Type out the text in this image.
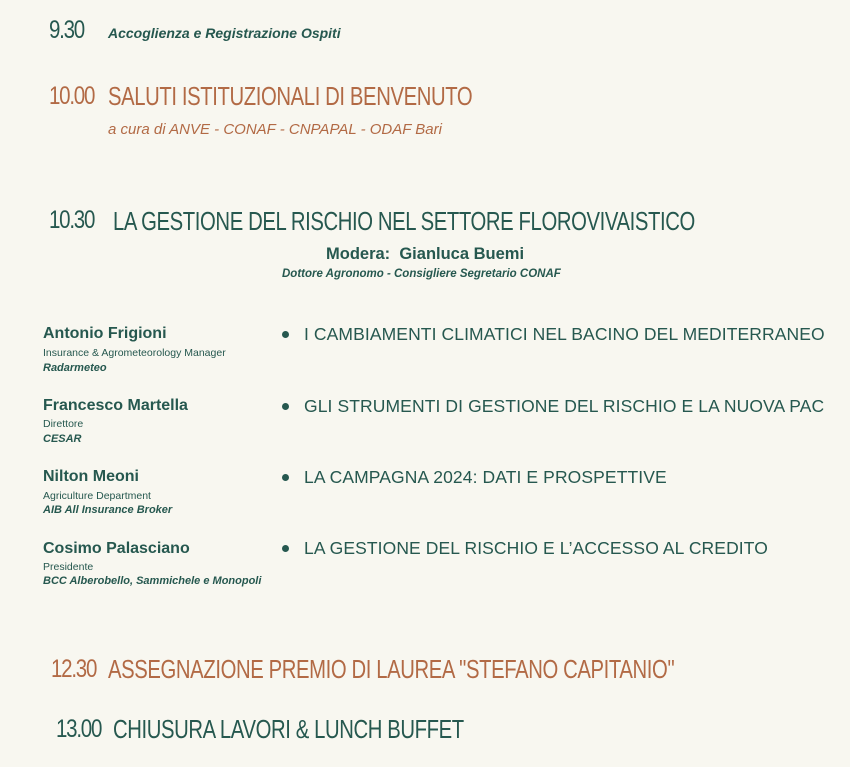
9.30 Accoglienza e Registrazione Ospiti
10.00 SALUTI ISTITUZIONALI DI BENVENUTO
a cura di ANVE - CONAF - CNPAPAL - ODAF Bari
10.30 LA GESTIONE DEL RISCHIO NEL SETTORE FLOROVIVAISTICO
Modera: Gianluca Buemi
Dottore Agronomo - Consigliere Segretario CONAF
Antonio Frigioni
Insurance & Agrometeorology Manager
Radarmeteo
I CAMBIAMENTI CLIMATICI NEL BACINO DEL MEDITERRANEO
Francesco Martella
Direttore
CESAR
GLI STRUMENTI DI GESTIONE DEL RISCHIO E LA NUOVA PAC
Nilton Meoni
Agriculture Department
AIB All Insurance Broker
LA CAMPAGNA 2024: DATI E PROSPETTIVE
Cosimo Palasciano
Presidente
BCC Alberobello, Sammichele e Monopoli
LA GESTIONE DEL RISCHIO E L’ACCESSO AL CREDITO
12.30 ASSEGNAZIONE PREMIO DI LAUREA "STEFANO CAPITANIO"
13.00 CHIUSURA LAVORI & LUNCH BUFFET
